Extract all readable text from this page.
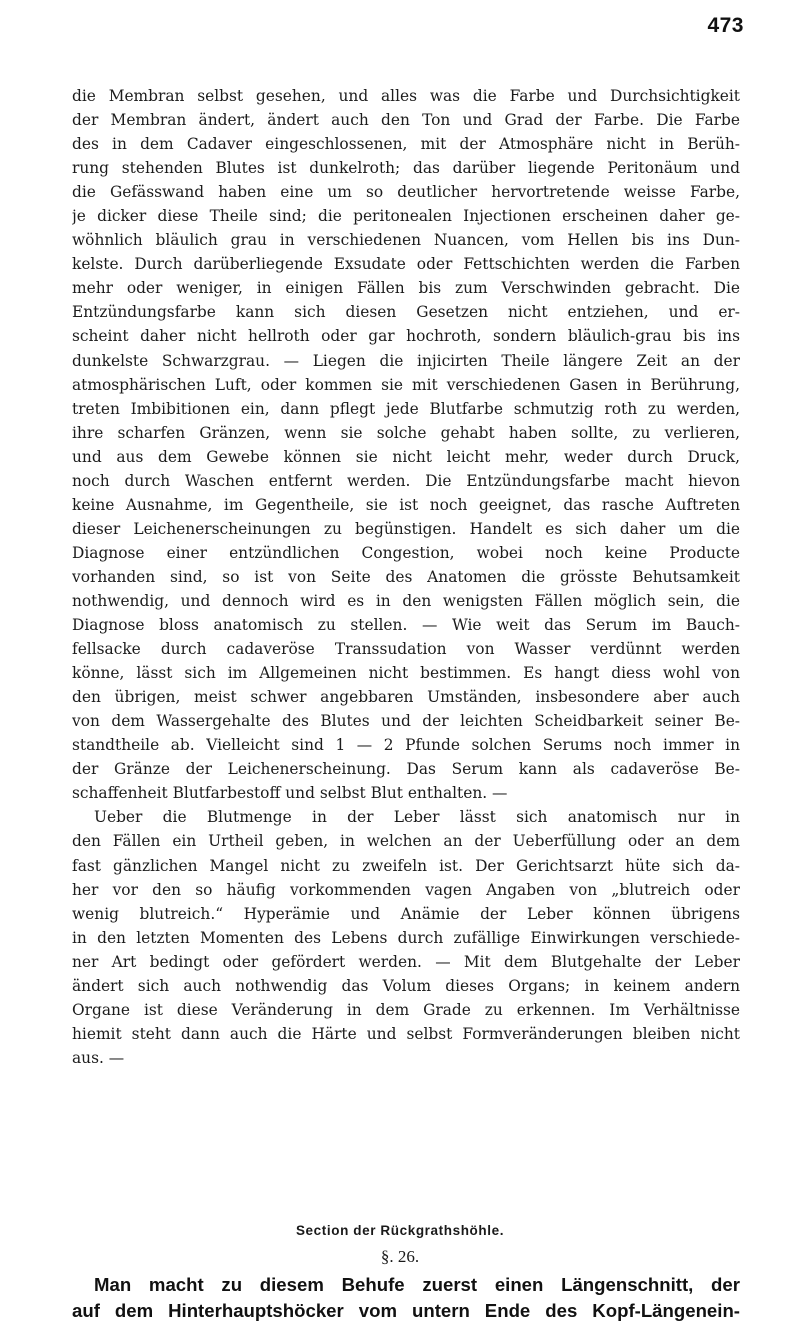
473
die Membran selbst gesehen, und alles was die Farbe und Durchsichtigkeit
der Membran ändert, ändert auch den Ton und Grad der Farbe. Die Farbe
des in dem Cadaver eingeschlossenen, mit der Atmosphäre nicht in Berüh-
rung stehenden Blutes ist dunkelroth; das darüber liegende Peritonäum und
die Gefässwand haben eine um so deutlicher hervortretende weisse Farbe,
je dicker diese Theile sind; die peritonealen Injectionen erscheinen daher ge-
wöhnlich bläulich grau in verschiedenen Nuancen, vom Hellen bis ins Dun-
kelste. Durch darüberliegende Exsudate oder Fettschichten werden die Farben
mehr oder weniger, in einigen Fällen bis zum Verschwinden gebracht. Die
Entzündungsfarbe kann sich diesen Gesetzen nicht entziehen, und er-
scheint daher nicht hellroth oder gar hochroth, sondern bläulich-grau bis ins
dunkelste Schwarzgrau. — Liegen die injicirten Theile längere Zeit an der
atmosphärischen Luft, oder kommen sie mit verschiedenen Gasen in Berührung,
treten Imbibitionen ein, dann pflegt jede Blutfarbe schmutzig roth zu werden,
ihre scharfen Gränzen, wenn sie solche gehabt haben sollte, zu verlieren,
und aus dem Gewebe können sie nicht leicht mehr, weder durch Druck,
noch durch Waschen entfernt werden. Die Entzündungsfarbe macht hievon
keine Ausnahme, im Gegentheile, sie ist noch geeignet, das rasche Auftreten
dieser Leichenerscheinungen zu begünstigen. Handelt es sich daher um die
Diagnose einer entzündlichen Congestion, wobei noch keine Producte
vorhanden sind, so ist von Seite des Anatomen die grösste Behutsamkeit
nothwendig, und dennoch wird es in den wenigsten Fällen möglich sein, die
Diagnose bloss anatomisch zu stellen. — Wie weit das Serum im Bauch-
fellsacke durch cadaveröse Transsudation von Wasser verdünnt werden
könne, lässt sich im Allgemeinen nicht bestimmen. Es hangt diess wohl von
den übrigen, meist schwer angebbaren Umständen, insbesondere aber auch
von dem Wassergehalte des Blutes und der leichten Scheidbarkeit seiner Be-
standtheile ab. Vielleicht sind 1 — 2 Pfunde solchen Serums noch immer in
der Gränze der Leichenerscheinung. Das Serum kann als cadaveröse Be-
schaffenheit Blutfarbestoff und selbst Blut enthalten. —
Ueber die Blutmenge in der Leber lässt sich anatomisch nur in
den Fällen ein Urtheil geben, in welchen an der Ueberfüllung oder an dem
fast gänzlichen Mangel nicht zu zweifeln ist. Der Gerichtsarzt hüte sich da-
her vor den so häufig vorkommenden vagen Angaben von „blutreich oder
wenig blutreich.“ Hyperämie und Anämie der Leber können übrigens
in den letzten Momenten des Lebens durch zufällige Einwirkungen verschiede-
ner Art bedingt oder gefördert werden. — Mit dem Blutgehalte der Leber
ändert sich auch nothwendig das Volum dieses Organs; in keinem andern
Organe ist diese Veränderung in dem Grade zu erkennen. Im Verhältnisse
hiemit steht dann auch die Härte und selbst Formveränderungen bleiben nicht
aus. —
Section der Rückgrathshöhle.
§. 26.
Man macht zu diesem Behufe zuerst einen Längenschnitt, der
auf dem Hinterhauptshöcker vom untern Ende des Kopf-Längenein-
